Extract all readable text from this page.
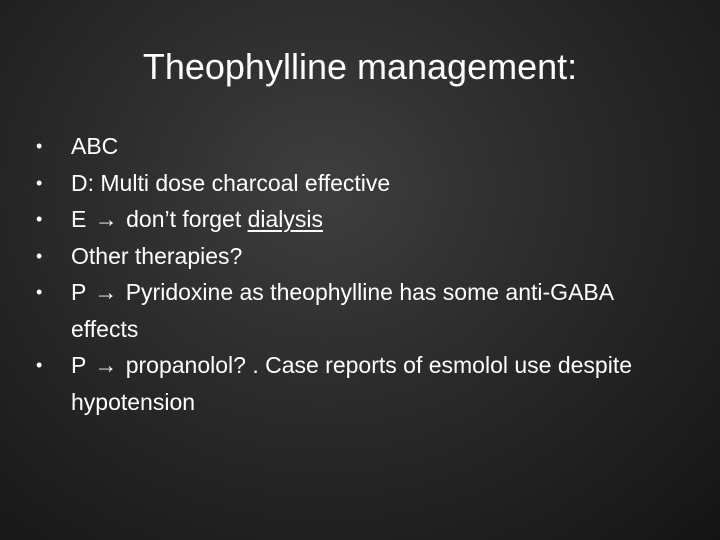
Theophylline management:
•	ABC
•	D: Multi dose charcoal effective
•	E → don’t forget dialysis
•	Other therapies?
•	P → Pyridoxine as theophylline has some anti-GABA effects
•	P → propanolol? . Case reports of esmolol use despite hypotension
